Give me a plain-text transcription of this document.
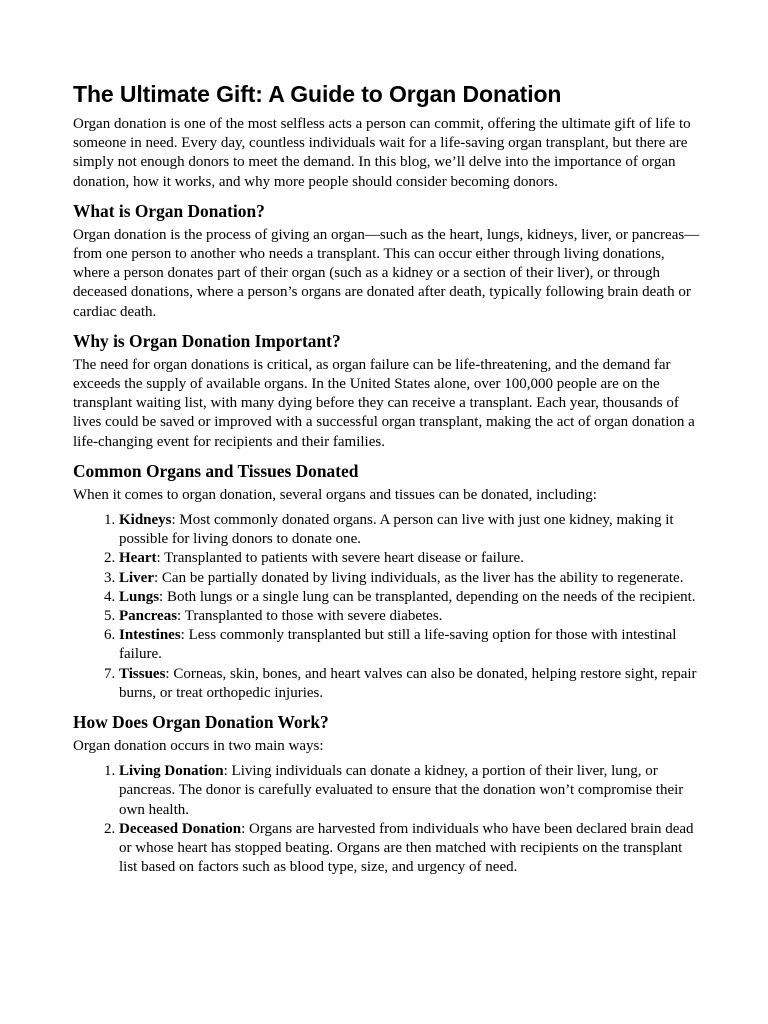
The Ultimate Gift: A Guide to Organ Donation

Organ donation is one of the most selfless acts a person can commit, offering the ultimate gift of life to someone in need. Every day, countless individuals wait for a life-saving organ transplant, but there are simply not enough donors to meet the demand. In this blog, we’ll delve into the importance of organ donation, how it works, and why more people should consider becoming donors.

What is Organ Donation?

Organ donation is the process of giving an organ—such as the heart, lungs, kidneys, liver, or pancreas—from one person to another who needs a transplant. This can occur either through living donations, where a person donates part of their organ (such as a kidney or a section of their liver), or through deceased donations, where a person’s organs are donated after death, typically following brain death or cardiac death.

Why is Organ Donation Important?

The need for organ donations is critical, as organ failure can be life-threatening, and the demand far exceeds the supply of available organs. In the United States alone, over 100,000 people are on the transplant waiting list, with many dying before they can receive a transplant. Each year, thousands of lives could be saved or improved with a successful organ transplant, making the act of organ donation a life-changing event for recipients and their families.

Common Organs and Tissues Donated

When it comes to organ donation, several organs and tissues can be donated, including:

1. Kidneys: Most commonly donated organs. A person can live with just one kidney, making it possible for living donors to donate one.
2. Heart: Transplanted to patients with severe heart disease or failure.
3. Liver: Can be partially donated by living individuals, as the liver has the ability to regenerate.
4. Lungs: Both lungs or a single lung can be transplanted, depending on the needs of the recipient.
5. Pancreas: Transplanted to those with severe diabetes.
6. Intestines: Less commonly transplanted but still a life-saving option for those with intestinal failure.
7. Tissues: Corneas, skin, bones, and heart valves can also be donated, helping restore sight, repair burns, or treat orthopedic injuries.
How Does Organ Donation Work?

Organ donation occurs in two main ways:

1. Living Donation: Living individuals can donate a kidney, a portion of their liver, lung, or pancreas. The donor is carefully evaluated to ensure that the donation won’t compromise their own health.
2. Deceased Donation: Organs are harvested from individuals who have been declared brain dead or whose heart has stopped beating. Organs are then matched with recipients on the transplant list based on factors such as blood type, size, and urgency of need.
